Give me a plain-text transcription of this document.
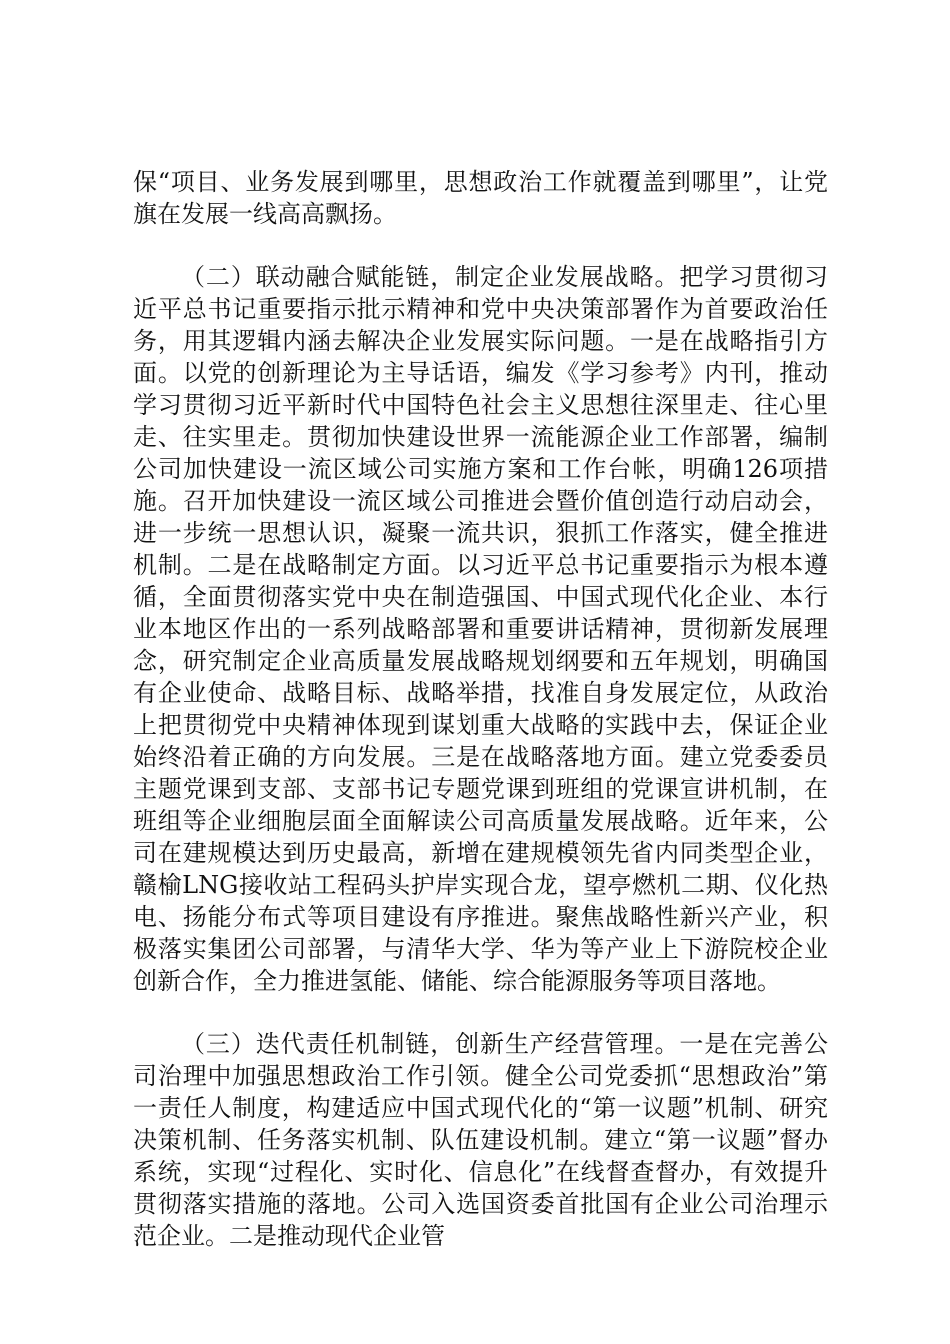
保“项目、业务发展到哪里，思想政治工作就覆盖到哪里”，让党旗在发展一线高高飘扬。

（二）联动融合赋能链，制定企业发展战略。把学习贯彻习近平总书记重要指示批示精神和党中央决策部署作为首要政治任务，用其逻辑内涵去解决企业发展实际问题。一是在战略指引方面。以党的创新理论为主导话语，编发《学习参考》内刊，推动学习贯彻习近平新时代中国特色社会主义思想往深里走、往心里走、往实里走。贯彻加快建设世界一流能源企业工作部署，编制公司加快建设一流区域公司实施方案和工作台帐，明确126项措施。召开加快建设一流区域公司推进会暨价值创造行动启动会，进一步统一思想认识，凝聚一流共识，狠抓工作落实，健全推进机制。二是在战略制定方面。以习近平总书记重要指示为根本遵循，全面贯彻落实党中央在制造强国、中国式现代化企业、本行业本地区作出的一系列战略部署和重要讲话精神，贯彻新发展理念，研究制定企业高质量发展战略规划纲要和五年规划，明确国有企业使命、战略目标、战略举措，找准自身发展定位，从政治上把贯彻党中央精神体现到谋划重大战略的实践中去，保证企业始终沿着正确的方向发展。三是在战略落地方面。建立党委委员主题党课到支部、支部书记专题党课到班组的党课宣讲机制，在班组等企业细胞层面全面解读公司高质量发展战略。近年来，公司在建规模达到历史最高，新增在建规模领先省内同类型企业，赣榆LNG接收站工程码头护岸实现合龙，望亭燃机二期、仪化热电、扬能分布式等项目建设有序推进。聚焦战略性新兴产业，积极落实集团公司部署，与清华大学、华为等产业上下游院校企业创新合作，全力推进氢能、储能、综合能源服务等项目落地。

（三）迭代责任机制链，创新生产经营管理。一是在完善公司治理中加强思想政治工作引领。健全公司党委抓“思想政治”第一责任人制度，构建适应中国式现代化的“第一议题”机制、研究决策机制、任务落实机制、队伍建设机制。建立“第一议题”督办系统，实现“过程化、实时化、信息化”在线督查督办，有效提升贯彻落实措施的落地。公司入选国资委首批国有企业公司治理示范企业。二是推动现代企业管
